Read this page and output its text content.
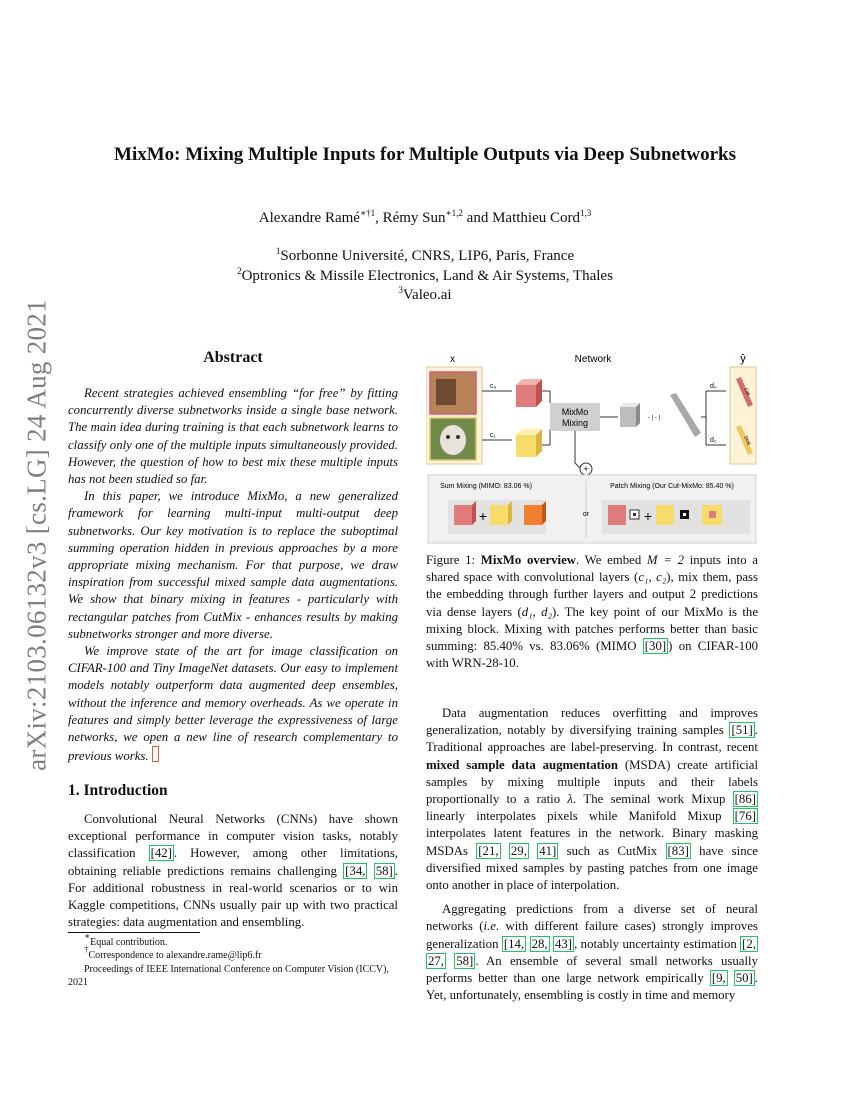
arXiv:2103.06132v3 [cs.LG] 24 Aug 2021
MixMo: Mixing Multiple Inputs for Multiple Outputs via Deep Subnetworks
Alexandre Ramé$^{∗\dagger 1}$, Rémy Sun$^{∗1,2}$ and Matthieu Cord$^{1,3}$
$^1$Sorbonne Université, CNRS, LIP6, Paris, France
$^2$Optronics & Missile Electronics, Land & Air Systems, Thales
$^3$Valeo.ai
Abstract

Recent strategies achieved ensembling “for free” by fitting concurrently diverse subnetworks inside a single base network. The main idea during training is that each subnetwork learns to classify only one of the multiple inputs simultaneously provided. However, the question of how to best mix these multiple inputs has not been studied so far.

In this paper, we introduce MixMo, a new generalized framework for learning multi-input multi-output deep subnetworks. Our key motivation is to replace the suboptimal summing operation hidden in previous approaches by a more appropriate mixing mechanism. For that purpose, we draw inspiration from successful mixed sample data augmentations. We show that binary mixing in features - particularly with rectangular patches from CutMix - enhances results by making subnetworks stronger and more diverse.

We improve state of the art for image classification on CIFAR-100 and Tiny ImageNet datasets. Our easy to implement models notably outperform data augmented deep ensembles, without the inference and memory overheads. As we operate in features and simply better leverage the expressiveness of large networks, we open a new line of research complementary to previous works.

1. Introduction

Convolutional Neural Networks (CNNs) have shown exceptional performance in computer vision tasks, notably classification [42] . However, among other limitations, obtaining reliable predictions remains challenging [34, 58] . For additional robustness in real-world scenarios or to win Kaggle competitions, CNNs usually pair up with two practical strategies: data augmentation and ensembling.

∗Equal contribution.
†Correspondence to alexandre.rame@lip6.fr
Proceedings of IEEE International Conference on Computer Vision (ICCV), 2021
x	Network	ŷ
c₀
c₁
MixMo
Mixing	- | - |
d₀
d₁
Cat
Dog
+
Sum Mixing (MIMO: 83.06 %)	Patch Mixing (Our Cut-MixMo: 85.40 %)
or
+	+
Figure 1: MixMo overview. We embed M = 2 inputs into a shared space with convolutional layers (c₁, c₂), mix them, pass the embedding through further layers and output 2 predictions via dense layers (d₁, d₂). The key point of our MixMo is the mixing block. Mixing with patches performs better than basic summing: 85.40% vs. 83.06% (MIMO [30] ) on CIFAR-100 with WRN-28-10.

Data augmentation reduces overfitting and improves generalization, notably by diversifying training samples [51] . Traditional approaches are label-preserving. In contrast, recent mixed sample data augmentation (MSDA) create artificial samples by mixing multiple inputs and their labels proportionally to a ratio λ. The seminal work Mixup [86] linearly interpolates pixels while Manifold Mixup [76] interpolates latent features in the network. Binary masking MSDAs [21, 29, 41] such as CutMix [83] have since diversified mixed samples by pasting patches from one image onto another in place of interpolation.

Aggregating predictions from a diverse set of neural networks (i.e. with different failure cases) strongly improves generalization [14, 28, 43] , notably uncertainty estimation [2, 27, 58] . An ensemble of several small networks usually performs better than one large network empirically [9, 50] . Yet, unfortunately, ensembling is costly in time and memory
